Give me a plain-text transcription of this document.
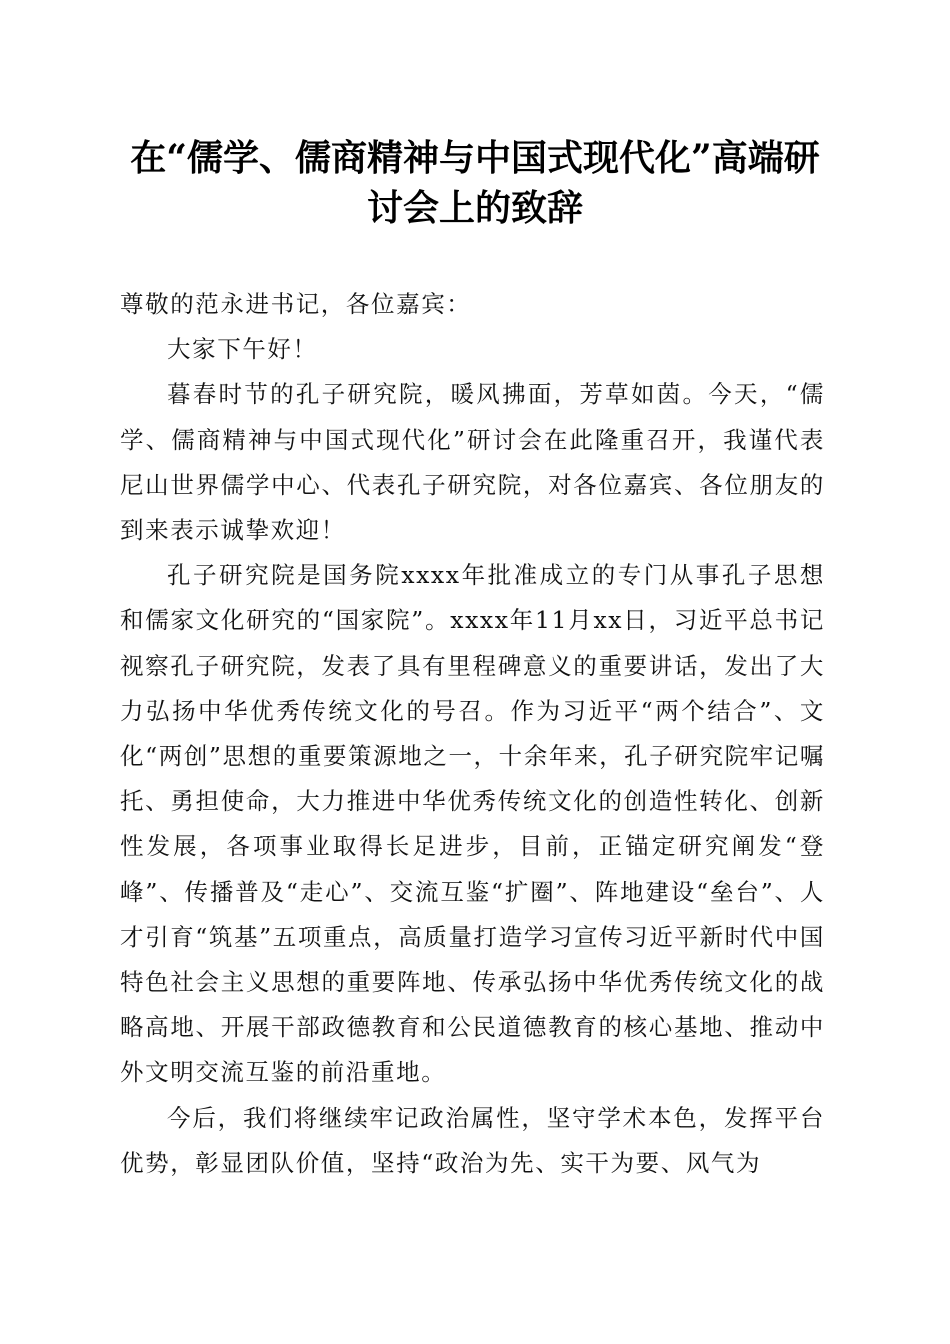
在“儒学、儒商精神与中国式现代化”高端研
讨会上的致辞

尊敬的范永进书记，各位嘉宾：

大家下午好！

暮春时节的孔子研究院，暖风拂面，芳草如茵。今天，“儒学、儒商精神与中国式现代化”研讨会在此隆重召开，我谨代表尼山世界儒学中心、代表孔子研究院，对各位嘉宾、各位朋友的到来表示诚挚欢迎！

孔子研究院是国务院xxxx年批准成立的专门从事孔子思想和儒家文化研究的“国家院”。xxxx年11月xx日，习近平总书记视察孔子研究院，发表了具有里程碑意义的重要讲话，发出了大力弘扬中华优秀传统文化的号召。作为习近平“两个结合”、文化“两创”思想的重要策源地之一，十余年来，孔子研究院牢记嘱托、勇担使命，大力推进中华优秀传统文化的创造性转化、创新性发展，各项事业取得长足进步，目前，正锚定研究阐发“登峰”、传播普及“走心”、交流互鉴“扩圈”、阵地建设“垒台”、人才引育“筑基”五项重点，高质量打造学习宣传习近平新时代中国特色社会主义思想的重要阵地、传承弘扬中华优秀传统文化的战略高地、开展干部政德教育和公民道德教育的核心基地、推动中外文明交流互鉴的前沿重地。

今后，我们将继续牢记政治属性，坚守学术本色，发挥平台优势，彰显团队价值，坚持“政治为先、实干为要、风气为
